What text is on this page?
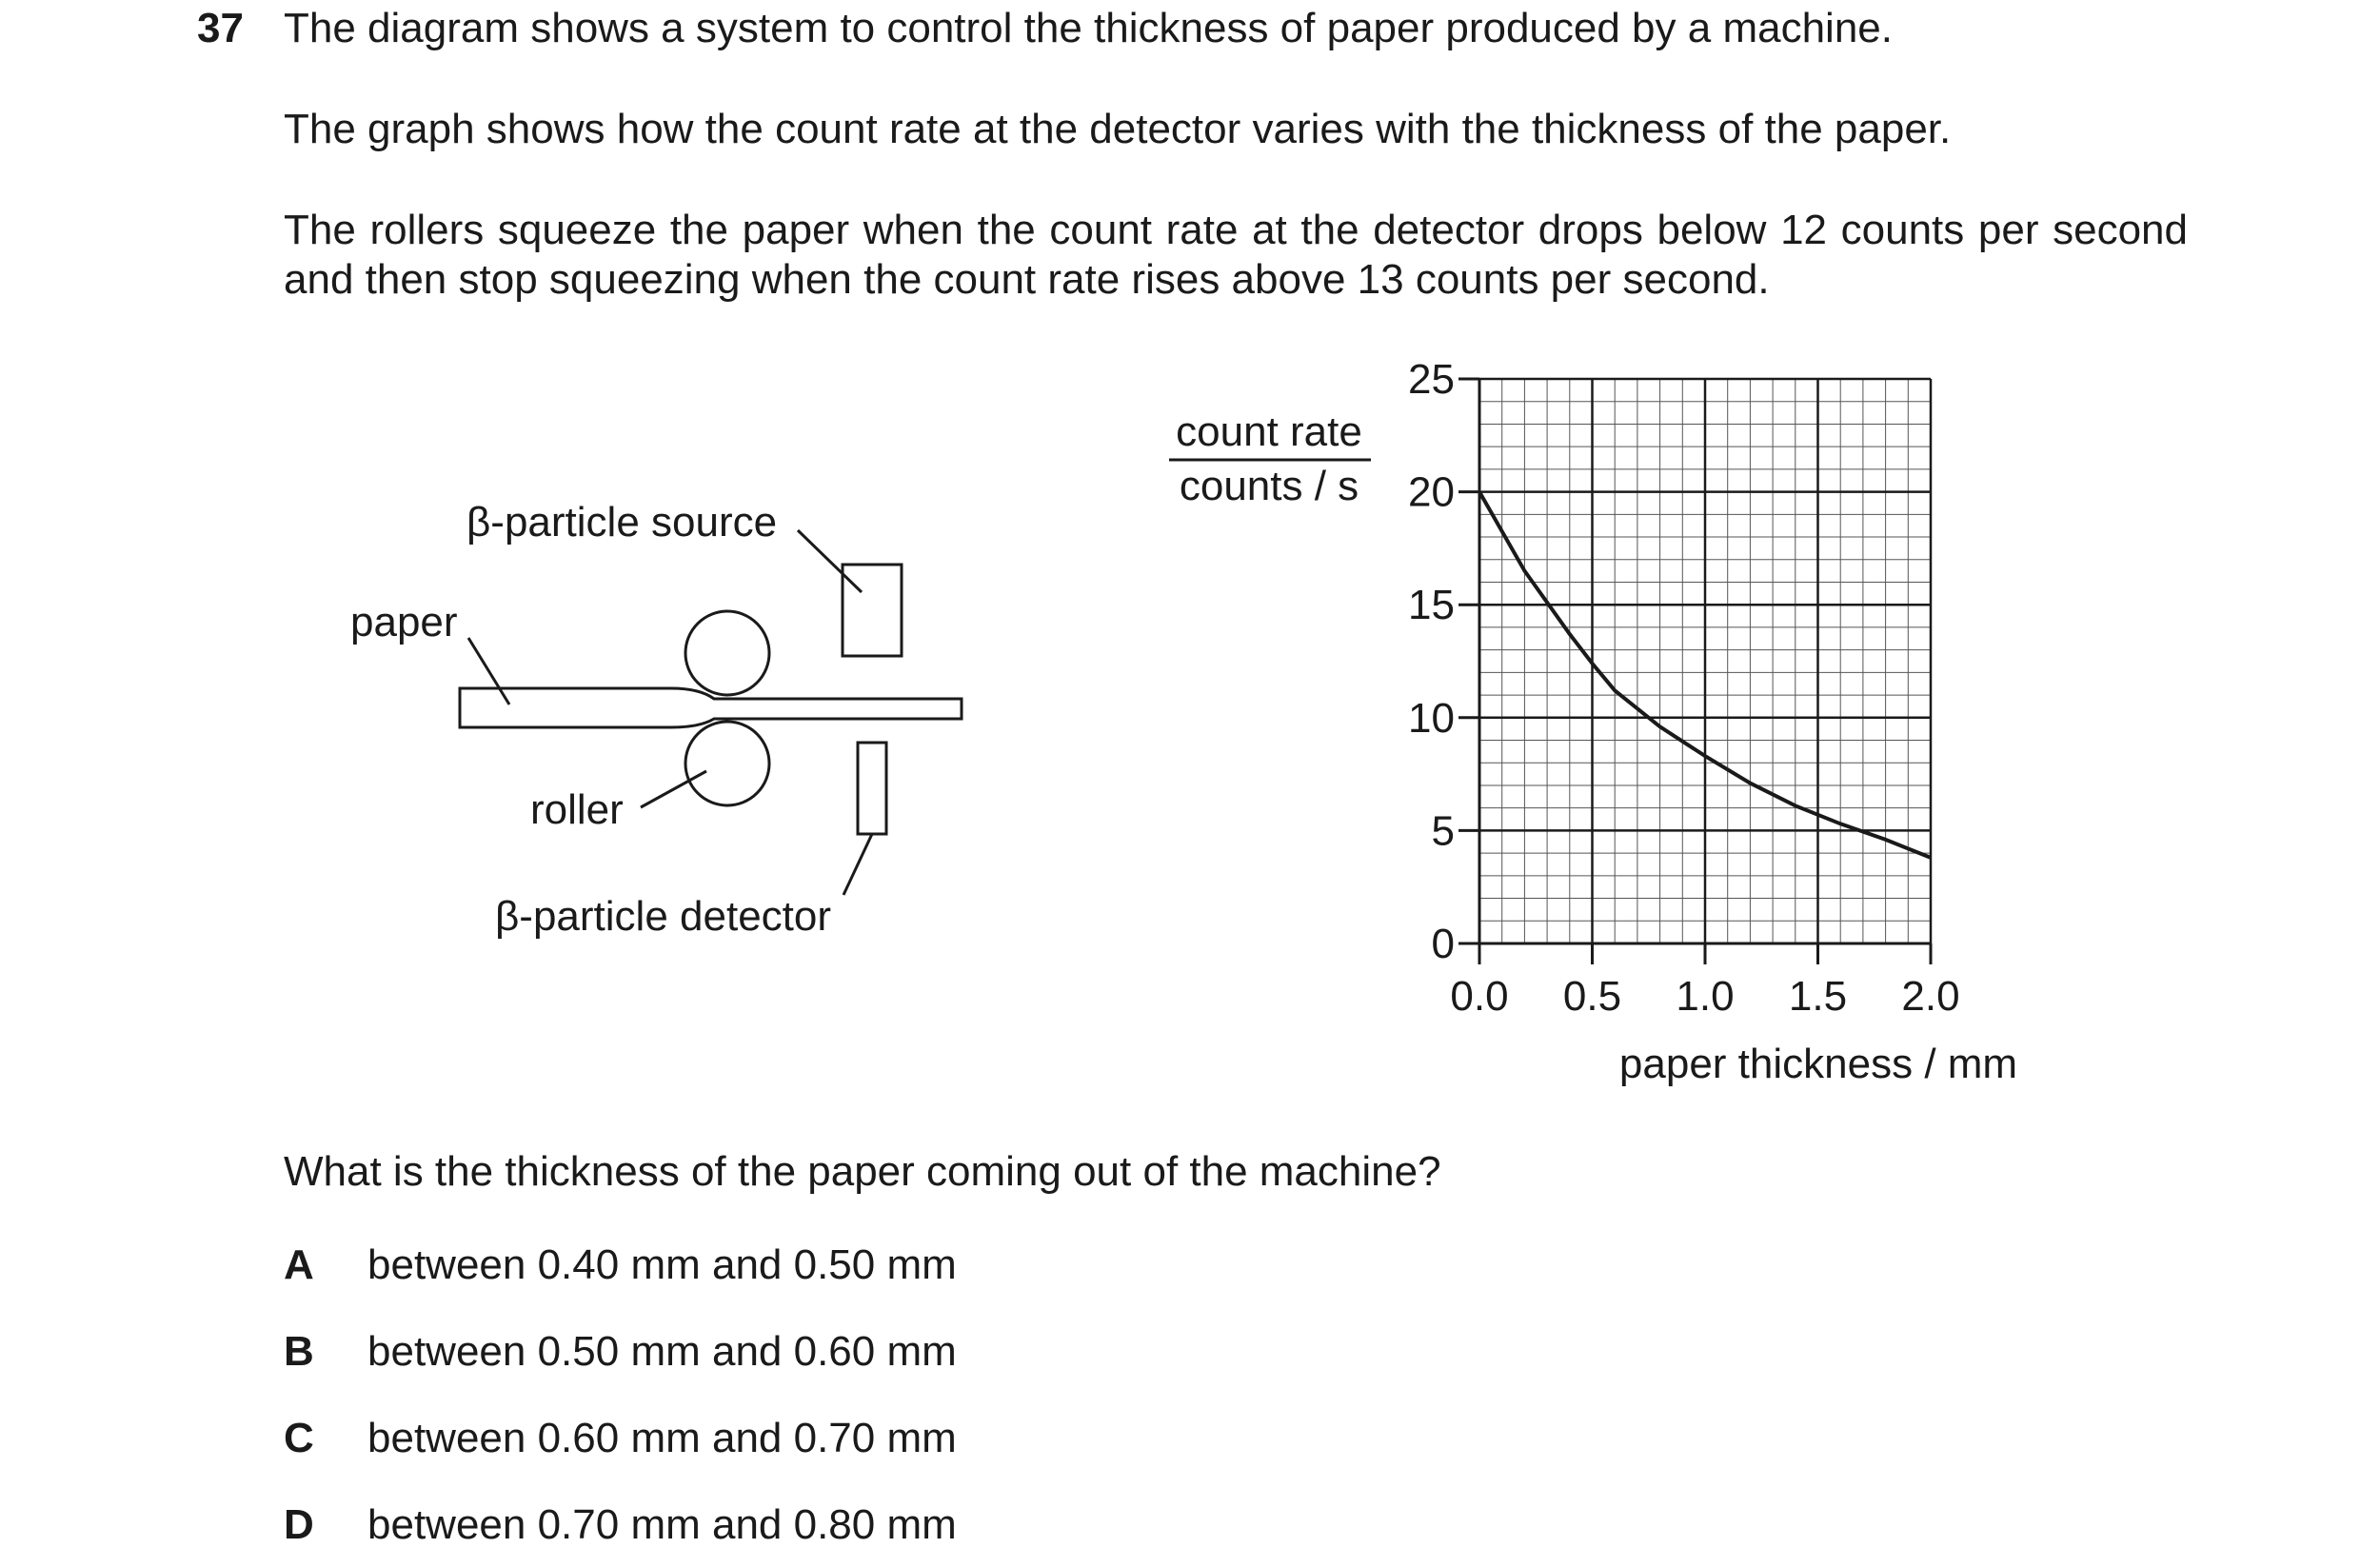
37 The diagram shows a system to control the thickness of paper produced by a machine.
The graph shows how the count rate at the detector varies with the thickness of the paper.
The rollers squeeze the paper when the count rate at the detector drops below 12 counts per second and then stop squeezing when the count rate rises above 13 counts per second.
β-particle source
paper
roller
β-particle detector
0.0 0.5 1.0 1.5 2.0
0
5
10
15
20
25
count rate
counts / s
paper thickness / mm
What is the thickness of the paper coming out of the machine?
A between 0.40 mm and 0.50 mm
B between 0.50 mm and 0.60 mm
C between 0.60 mm and 0.70 mm
D between 0.70 mm and 0.80 mm
